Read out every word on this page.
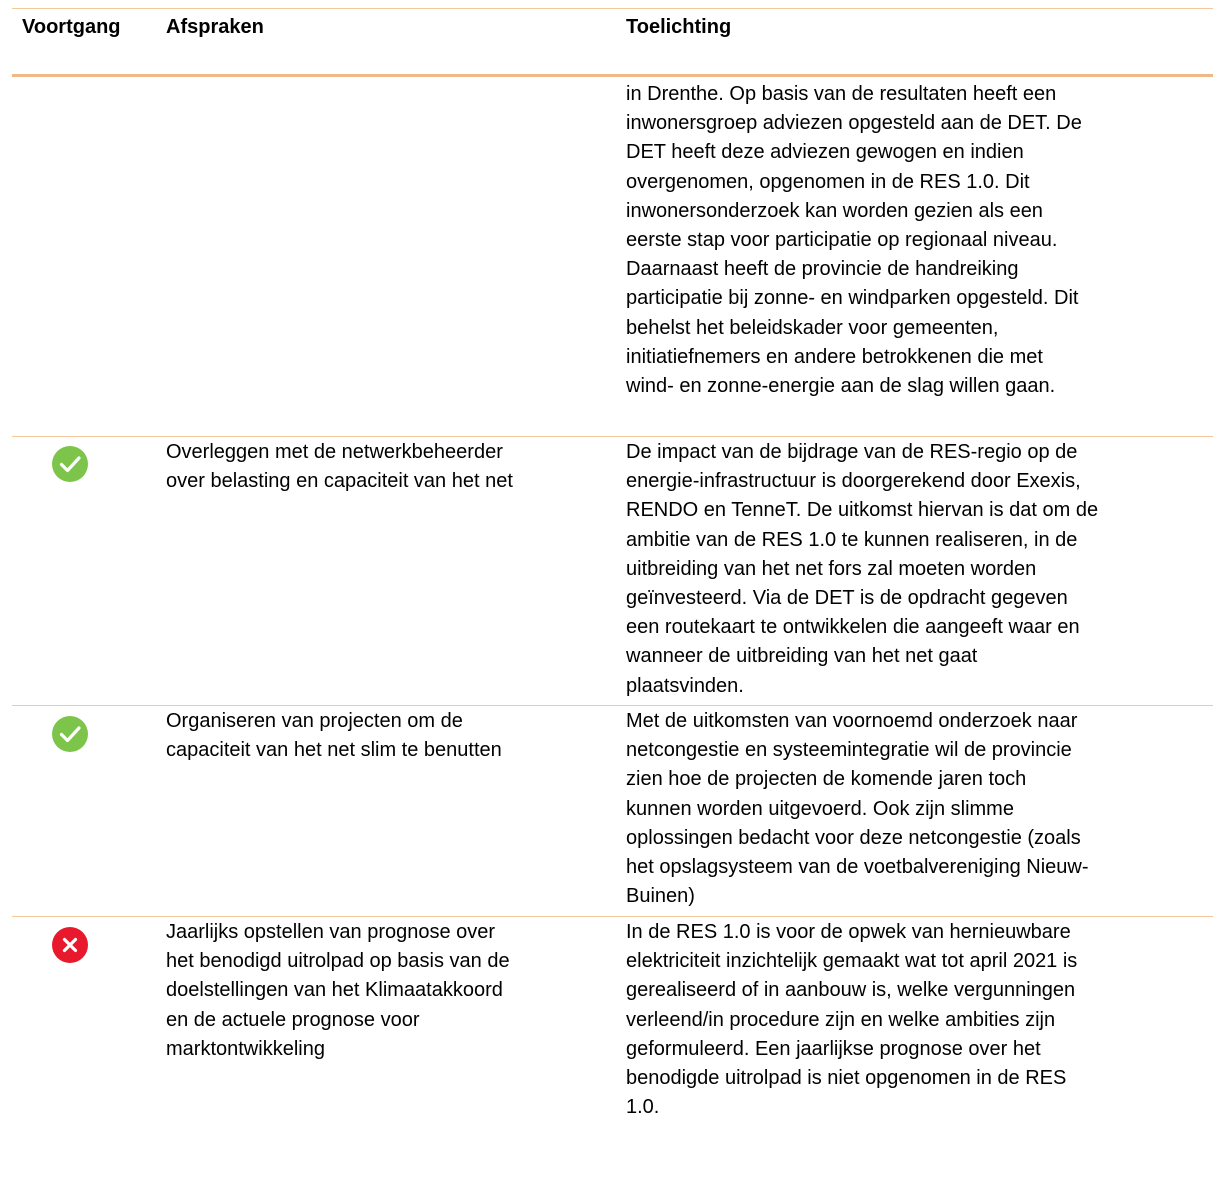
Voortgang Afspraken	Toelichting
in Drenthe. Op basis van de resultaten heeft een
inwonersgroep adviezen opgesteld aan de DET. De
DET heeft deze adviezen gewogen en indien
overgenomen, opgenomen in de RES 1.0. Dit
inwonersonderzoek kan worden gezien als een
eerste stap voor participatie op regionaal niveau.
Daarnaast heeft de provincie de handreiking
participatie bij zonne- en windparken opgesteld. Dit
behelst het beleidskader voor gemeenten,
initiatiefnemers en andere betrokkenen die met
wind- en zonne-energie aan de slag willen gaan.
Overleggen met de netwerkbeheerder
over belasting en capaciteit van het net
De impact van de bijdrage van de RES-regio op de
energie-infrastructuur is doorgerekend door Exexis,
RENDO en TenneT. De uitkomst hiervan is dat om de
ambitie van de RES 1.0 te kunnen realiseren, in de
uitbreiding van het net fors zal moeten worden
geïnvesteerd. Via de DET is de opdracht gegeven
een routekaart te ontwikkelen die aangeeft waar en
wanneer de uitbreiding van het net gaat
plaatsvinden.
Organiseren van projecten om de
capaciteit van het net slim te benutten
Met de uitkomsten van voornoemd onderzoek naar
netcongestie en systeemintegratie wil de provincie
zien hoe de projecten de komende jaren toch
kunnen worden uitgevoerd. Ook zijn slimme
oplossingen bedacht voor deze netcongestie (zoals
het opslagsysteem van de voetbalvereniging Nieuw-
Buinen)
Jaarlijks opstellen van prognose over
het benodigd uitrolpad op basis van de
doelstellingen van het Klimaatakkoord
en de actuele prognose voor
marktontwikkeling
In de RES 1.0 is voor de opwek van hernieuwbare
elektriciteit inzichtelijk gemaakt wat tot april 2021 is
gerealiseerd of in aanbouw is, welke vergunningen
verleend/in procedure zijn en welke ambities zijn
geformuleerd. Een jaarlijkse prognose over het
benodigde uitrolpad is niet opgenomen in de RES
1.0.
